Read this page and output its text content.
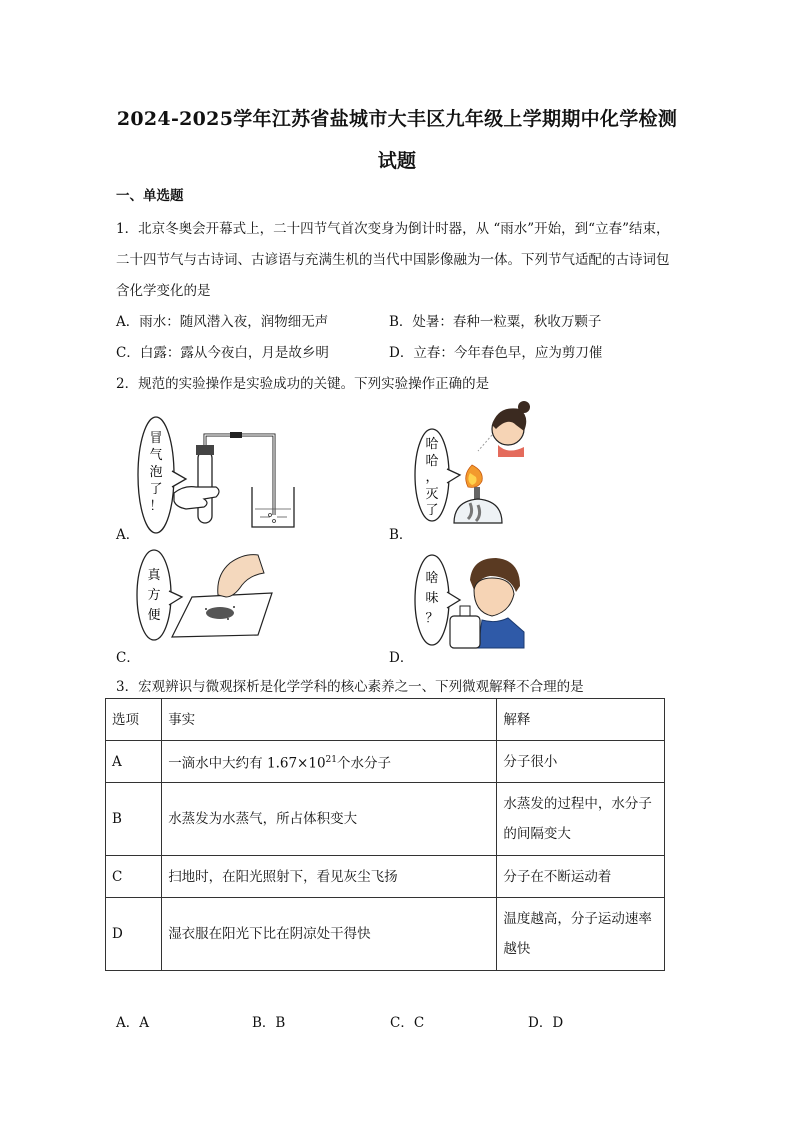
2024-2025学年江苏省盐城市大丰区九年级上学期期中化学检测
试题
一、单选题
1．北京冬奥会开幕式上，二十四节气首次变身为倒计时器，从 “雨水”开始，到“立春”结束，
二十四节气与古诗词、古谚语与充满生机的当代中国影像融为一体。下列节气适配的古诗词包
含化学变化的是
A．雨水：随风潜入夜，润物细无声	B．处暑：春种一粒粟，秋收万颗子
C．白露：露从今夜白，月是故乡明	D．立春：今年春色早，应为剪刀催
2．规范的实验操作是实验成功的关键。下列实验操作正确的是
冒
气
泡
了
！
A．
哈
哈
，
灭
了
B．
真
方
便
C．
啥
味
？
D．
3．宏观辨识与微观探析是化学学科的核心素养之一、下列微观解释不合理的是
选项	事实	解释
A	一滴水中大约有 $1.67\times 10^{21}$个水分子	分子很小
B	水蒸发为水蒸气，所占体积变大	水蒸发的过程中，水分子
的间隔变大

C	扫地时，在阳光照射下，看见灰尘飞扬	分子在不断运动着
D	湿衣服在阳光下比在阴凉处干得快	温度越高，分子运动速率
越快
A．A	B．B	C．C	D．D
